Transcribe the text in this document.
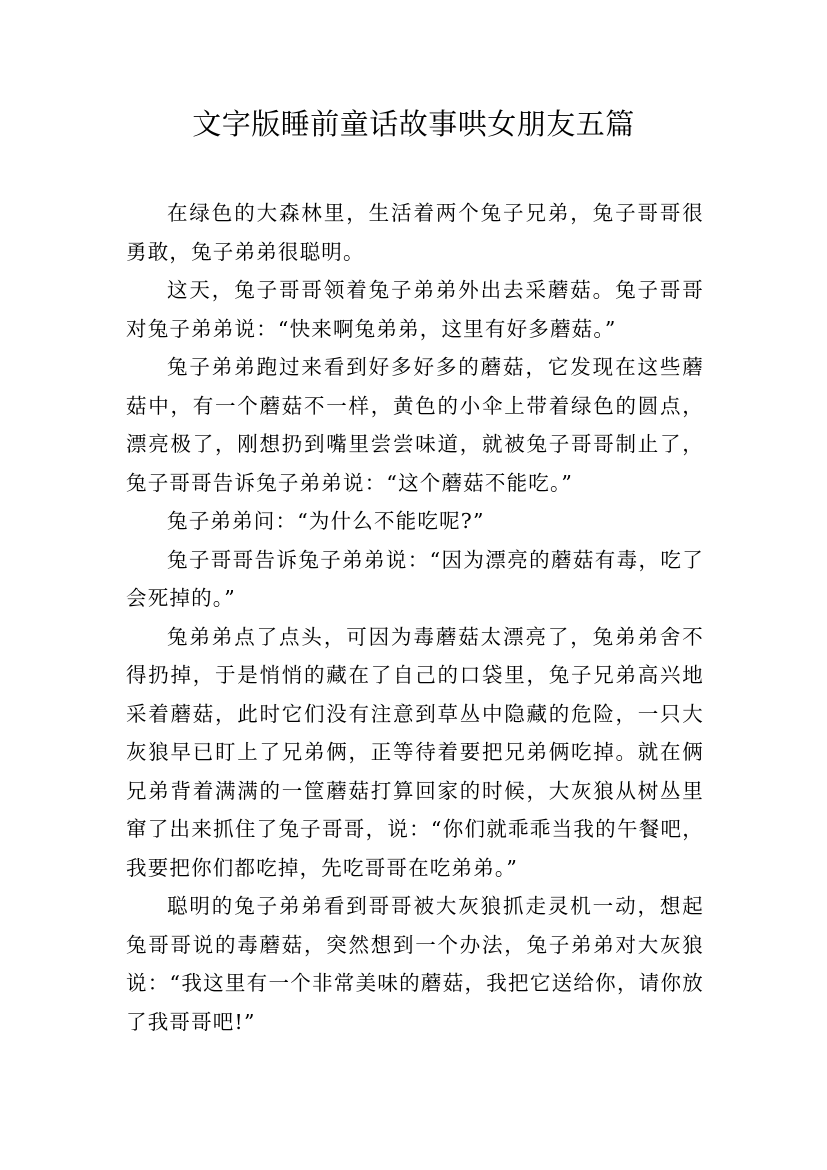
文字版睡前童话故事哄女朋友五篇

在绿色的大森林里，生活着两个兔子兄弟，兔子哥哥很勇敢，兔子弟弟很聪明。

这天，兔子哥哥领着兔子弟弟外出去采蘑菇。兔子哥哥对兔子弟弟说：“快来啊兔弟弟，这里有好多蘑菇。”

兔子弟弟跑过来看到好多好多的蘑菇，它发现在这些蘑菇中，有一个蘑菇不一样，黄色的小伞上带着绿色的圆点，漂亮极了，刚想扔到嘴里尝尝味道，就被兔子哥哥制止了，兔子哥哥告诉兔子弟弟说：“这个蘑菇不能吃。”

兔子弟弟问：“为什么不能吃呢?”

兔子哥哥告诉兔子弟弟说：“因为漂亮的蘑菇有毒，吃了会死掉的。”

兔弟弟点了点头，可因为毒蘑菇太漂亮了，兔弟弟舍不得扔掉，于是悄悄的藏在了自己的口袋里，兔子兄弟高兴地采着蘑菇，此时它们没有注意到草丛中隐藏的危险，一只大灰狼早已盯上了兄弟俩，正等待着要把兄弟俩吃掉。就在俩兄弟背着满满的一筐蘑菇打算回家的时候，大灰狼从树丛里窜了出来抓住了兔子哥哥，说：“你们就乖乖当我的午餐吧，我要把你们都吃掉，先吃哥哥在吃弟弟。”

聪明的兔子弟弟看到哥哥被大灰狼抓走灵机一动，想起兔哥哥说的毒蘑菇，突然想到一个办法，兔子弟弟对大灰狼说：“我这里有一个非常美味的蘑菇，我把它送给你，请你放了我哥哥吧!”
